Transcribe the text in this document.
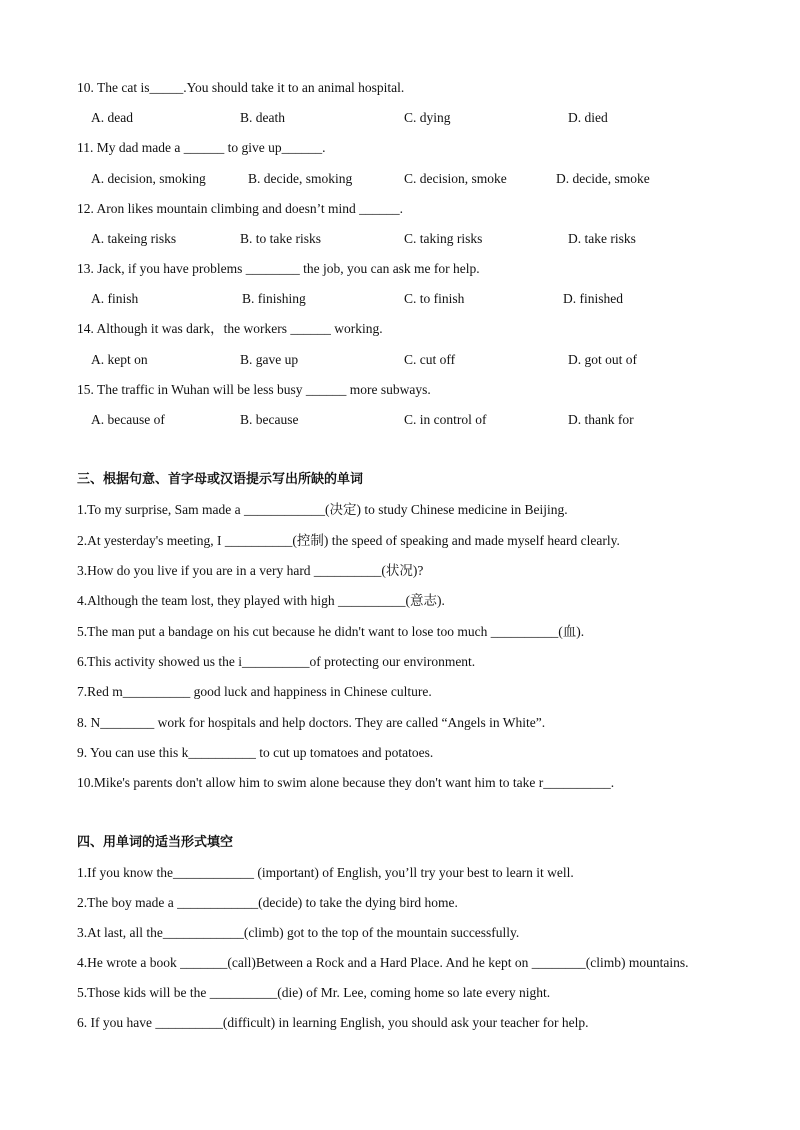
10. The cat is_____.You should take it to an animal hospital.
A. dead	B. death	C. dying	D. died
11. My dad made a ______ to give up______.
A. decision, smoking	B. decide, smoking	C. decision, smoke	D. decide, smoke
12. Aron likes mountain climbing and doesn’t mind ______.
A. takeing risks	B. to take risks	C. taking risks	D. take risks
13. Jack, if you have problems ________ the job, you can ask me for help.
A. finish	B. finishing	C. to finish	D. finished
14. Although it was dark，the workers ______ working.
A. kept on	B. gave up	C. cut off	D. got out of
15. The traffic in Wuhan will be less busy ______ more subways.
A. because of	B. because	C. in control of	D. thank for
三、根据句意、首字母或汉语提示写出所缺的单词
1.To my surprise, Sam made a ____________(决定) to study Chinese medicine in Beijing.
2.At yesterday's meeting, I __________(控制) the speed of speaking and made myself heard clearly.
3.How do you live if you are in a very hard __________(状况)?
4.Although the team lost, they played with high __________(意志).
5.The man put a bandage on his cut because he didn't want to lose too much __________(血).
6.This activity showed us the i__________of protecting our environment.
7.Red m__________ good luck and happiness in Chinese culture.
8. N________ work for hospitals and help doctors. They are called “Angels in White”.
9. You can use this k__________ to cut up tomatoes and potatoes.
10.Mike's parents don't allow him to swim alone because they don't want him to take r__________.
四、用单词的适当形式填空
1.If you know the____________ (important) of English, you’ll try your best to learn it well.
2.The boy made a ____________(decide) to take the dying bird home.
3.At last, all the____________(climb) got to the top of the mountain successfully.
4.He wrote a book _______(call)Between a Rock and a Hard Place. And he kept on ________(climb) mountains.
5.Those kids will be the __________(die) of Mr. Lee, coming home so late every night.
6. If you have __________(difficult) in learning English, you should ask your teacher for help.
